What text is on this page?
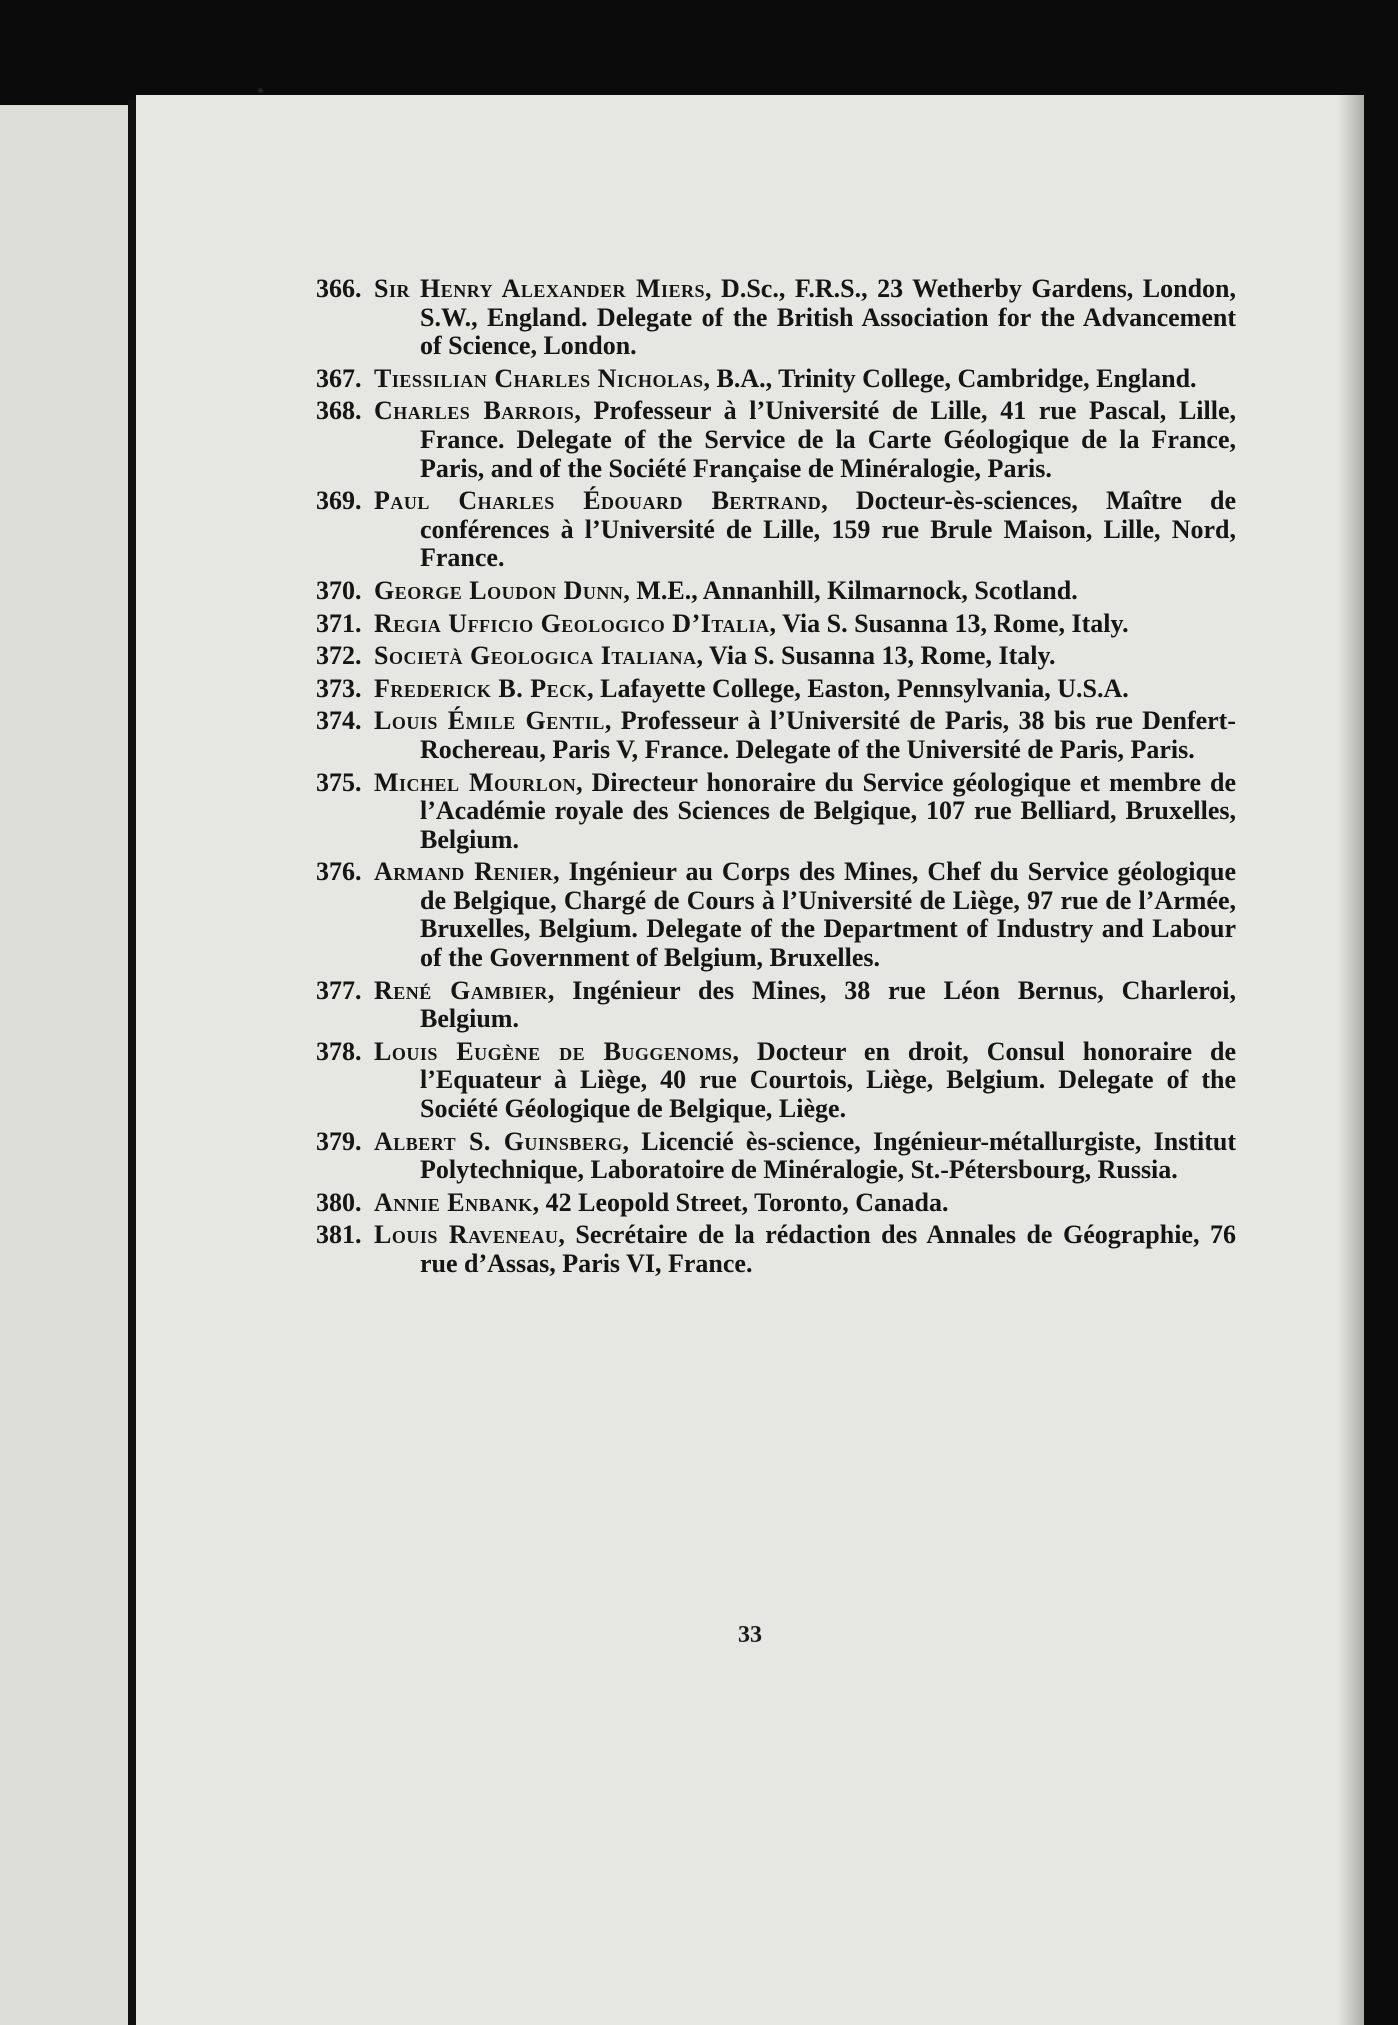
366. Sir Henry Alexander Miers, D.Sc., F.R.S., 23 Wetherby Gardens, London, S.W., England. Delegate of the British Association for the Advancement of Science, London.

367. Tiessilian Charles Nicholas, B.A., Trinity College, Cambridge, England.

368. Charles Barrois, Professeur à l’Université de Lille, 41 rue Pascal, Lille, France. Delegate of the Service de la Carte Géologique de la France, Paris, and of the Société Française de Minéralogie, Paris.

369. Paul Charles Édouard Bertrand, Docteur-ès-sciences, Maître de conférences à l’Université de Lille, 159 rue Brule Maison, Lille, Nord, France.

370. George Loudon Dunn, M.E., Annanhill, Kilmarnock, Scotland.

371. Regia Ufficio Geologico D’Italia, Via S. Susanna 13, Rome, Italy.

372. Società Geologica Italiana, Via S. Susanna 13, Rome, Italy.

373. Frederick B. Peck, Lafayette College, Easton, Pennsylvania, U.S.A.

374. Louis Émile Gentil, Professeur à l’Université de Paris, 38 bis rue Denfert-Rochereau, Paris V, France. Delegate of the Université de Paris, Paris.

375. Michel Mourlon, Directeur honoraire du Service géologique et membre de l’Académie royale des Sciences de Belgique, 107 rue Belliard, Bruxelles, Belgium.

376. Armand Renier, Ingénieur au Corps des Mines, Chef du Service géologique de Belgique, Chargé de Cours à l’Université de Liège, 97 rue de l’Armée, Bruxelles, Belgium. Delegate of the Department of Industry and Labour of the Government of Belgium, Bruxelles.

377. René Gambier, Ingénieur des Mines, 38 rue Léon Bernus, Charleroi, Belgium.

378. Louis Eugène de Buggenoms, Docteur en droit, Consul honoraire de l’Equateur à Liège, 40 rue Courtois, Liège, Belgium. Delegate of the Société Géologique de Belgique, Liège.

379. Albert S. Guinsberg, Licencié ès-science, Ingénieur-métallurgiste, Institut Polytechnique, Laboratoire de Minéralogie, St.-Pétersbourg, Russia.

380. Annie Enbank, 42 Leopold Street, Toronto, Canada.

381. Louis Raveneau, Secrétaire de la rédaction des Annales de Géographie, 76 rue d’Assas, Paris VI, France.

33
